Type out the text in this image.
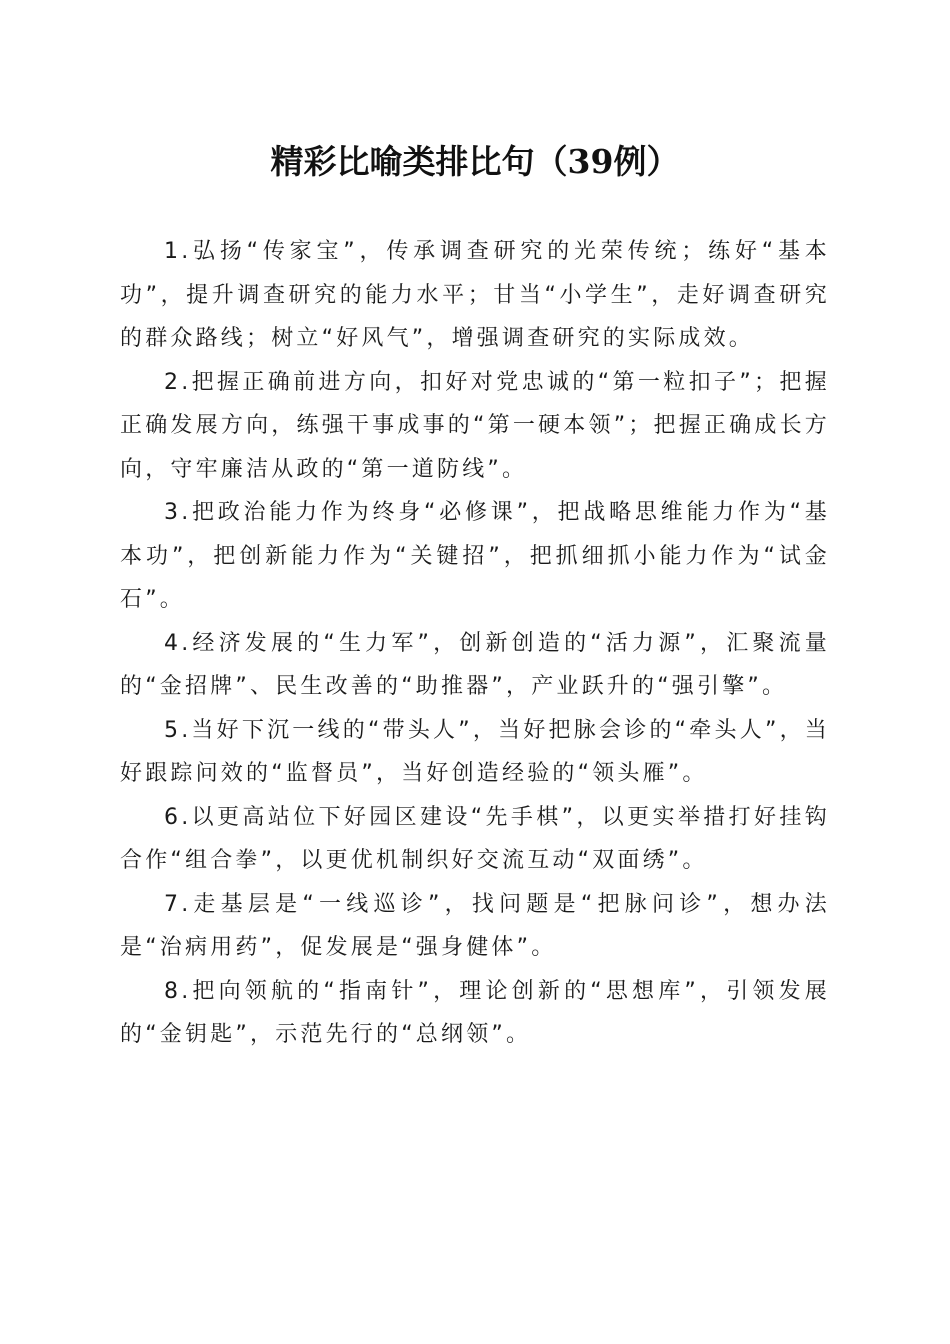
精彩比喻类排比句（39例）

1.弘扬“传家宝”，传承调查研究的光荣传统；练好“基本功”，提升调查研究的能力水平；甘当“小学生”，走好调查研究的群众路线；树立“好风气”，增强调查研究的实际成效。

2.把握正确前进方向，扣好对党忠诚的“第一粒扣子”；把握正确发展方向，练强干事成事的“第一硬本领”；把握正确成长方向，守牢廉洁从政的“第一道防线”。

3.把政治能力作为终身“必修课”，把战略思维能力作为“基本功”，把创新能力作为“关键招”，把抓细抓小能力作为“试金石”。

4.经济发展的“生力军”，创新创造的“活力源”，汇聚流量的“金招牌”、民生改善的“助推器”，产业跃升的“强引擎”。

5.当好下沉一线的“带头人”，当好把脉会诊的“牵头人”，当好跟踪问效的“监督员”，当好创造经验的“领头雁”。

6.以更高站位下好园区建设“先手棋”，以更实举措打好挂钩合作“组合拳”，以更优机制织好交流互动“双面绣”。

7.走基层是“一线巡诊”，找问题是“把脉问诊”，想办法是“治病用药”，促发展是“强身健体”。

8.把向领航的“指南针”，理论创新的“思想库”，引领发展的“金钥匙”，示范先行的“总纲领”。
